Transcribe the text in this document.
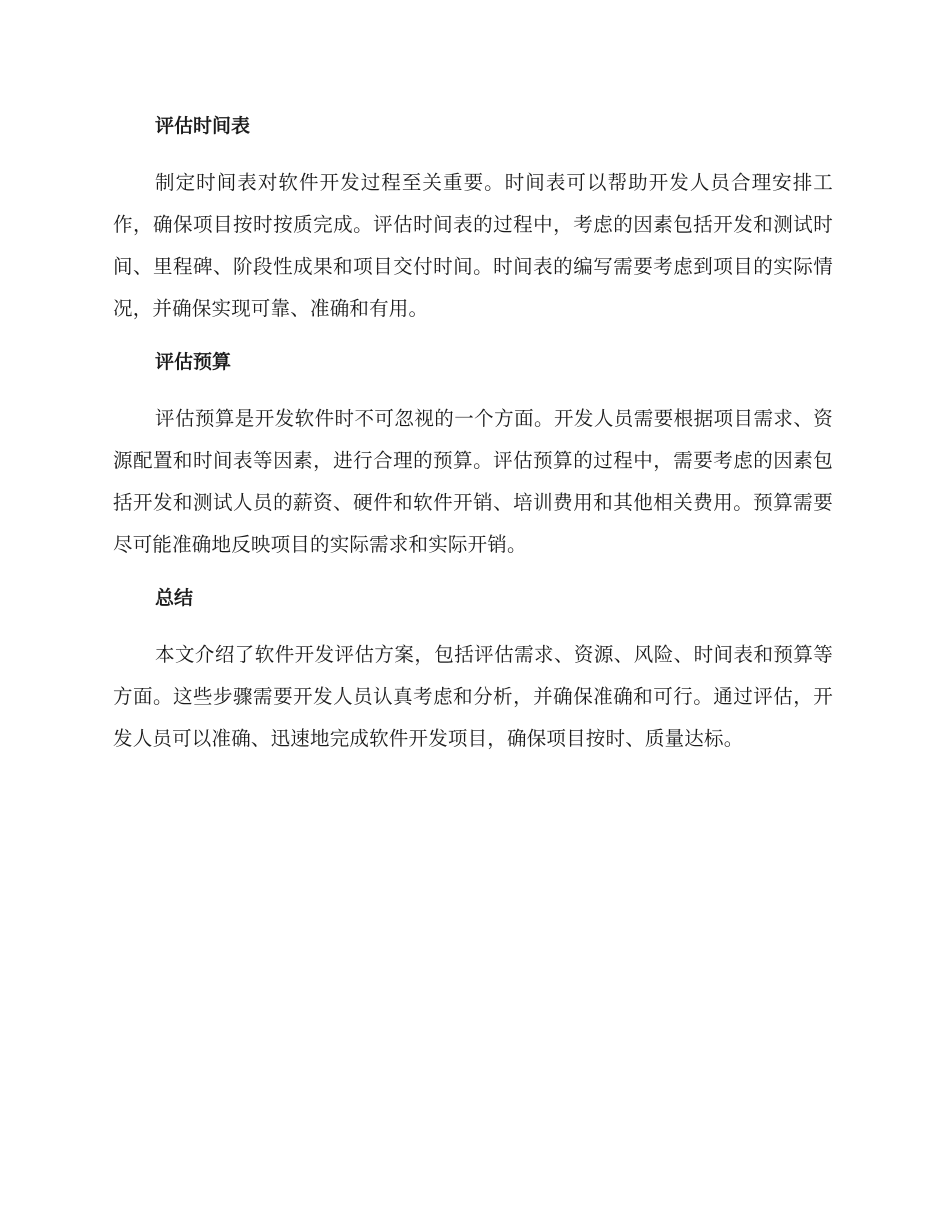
评估时间表

制定时间表对软件开发过程至关重要。时间表可以帮助开发人员合理安排工作，确保项目按时按质完成。评估时间表的过程中，考虑的因素包括开发和测试时间、里程碑、阶段性成果和项目交付时间。时间表的编写需要考虑到项目的实际情况，并确保实现可靠、准确和有用。

评估预算

评估预算是开发软件时不可忽视的一个方面。开发人员需要根据项目需求、资源配置和时间表等因素，进行合理的预算。评估预算的过程中，需要考虑的因素包括开发和测试人员的薪资、硬件和软件开销、培训费用和其他相关费用。预算需要尽可能准确地反映项目的实际需求和实际开销。

总结

本文介绍了软件开发评估方案，包括评估需求、资源、风险、时间表和预算等方面。这些步骤需要开发人员认真考虑和分析，并确保准确和可行。通过评估，开发人员可以准确、迅速地完成软件开发项目，确保项目按时、质量达标。
